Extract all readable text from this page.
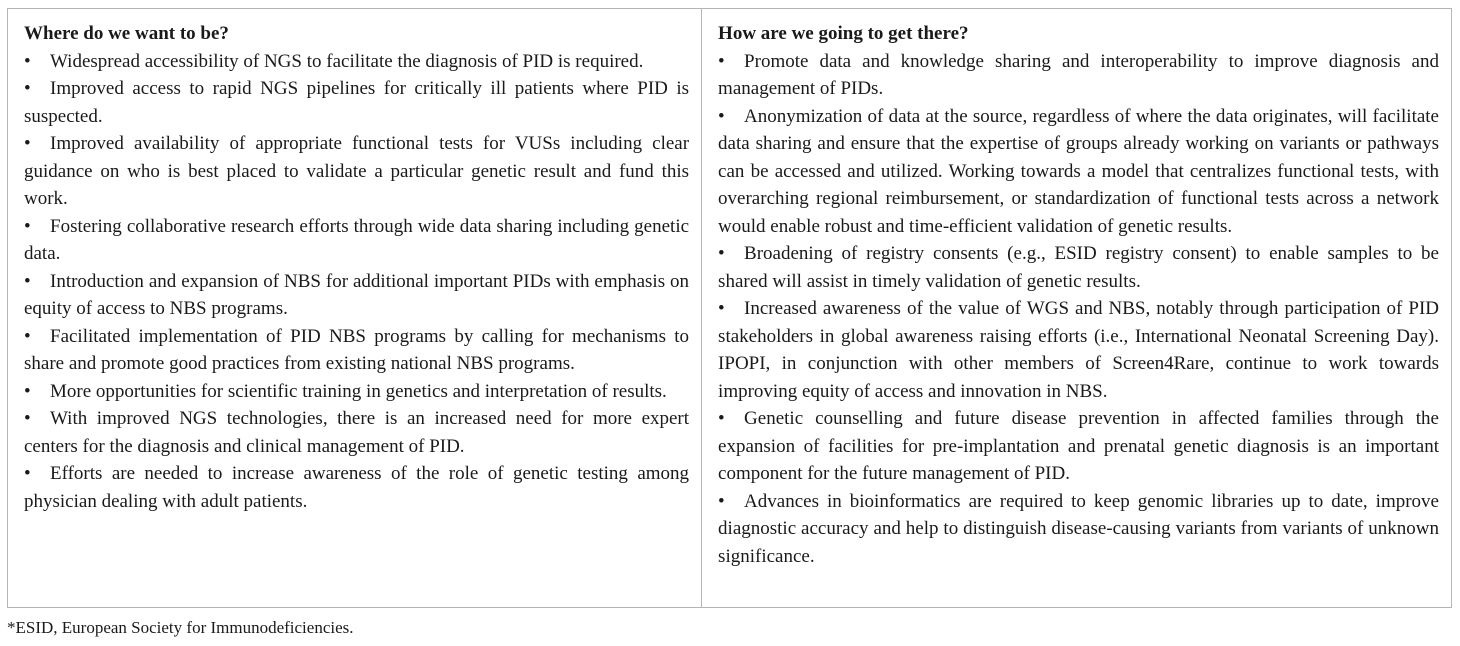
Where do we want to be?
• Widespread accessibility of NGS to facilitate the diagnosis of PID is required.
• Improved access to rapid NGS pipelines for critically ill patients where PID is suspected.
• Improved availability of appropriate functional tests for VUSs including clear guidance on who is best placed to validate a particular genetic result and fund this work.
• Fostering collaborative research efforts through wide data sharing including genetic data.
• Introduction and expansion of NBS for additional important PIDs with emphasis on equity of access to NBS programs.
• Facilitated implementation of PID NBS programs by calling for mechanisms to share and promote good practices from existing national NBS programs.
• More opportunities for scientific training in genetics and interpretation of results.
• With improved NGS technologies, there is an increased need for more expert centers for the diagnosis and clinical management of PID.
• Efforts are needed to increase awareness of the role of genetic testing among physician dealing with adult patients.
How are we going to get there?
• Promote data and knowledge sharing and interoperability to improve diagnosis and management of PIDs.
• Anonymization of data at the source, regardless of where the data originates, will facilitate data sharing and ensure that the expertise of groups already working on variants or pathways can be accessed and utilized. Working towards a model that centralizes functional tests, with overarching regional reimbursement, or standardization of functional tests across a network would enable robust and time-efficient validation of genetic results.
• Broadening of registry consents (e.g., ESID registry consent) to enable samples to be shared will assist in timely validation of genetic results.
• Increased awareness of the value of WGS and NBS, notably through participation of PID stakeholders in global awareness raising efforts (i.e., International Neonatal Screening Day). IPOPI, in conjunction with other members of Screen4Rare, continue to work towards improving equity of access and innovation in NBS.
• Genetic counselling and future disease prevention in affected families through the expansion of facilities for pre-implantation and prenatal genetic diagnosis is an important component for the future management of PID.
• Advances in bioinformatics are required to keep genomic libraries up to date, improve diagnostic accuracy and help to distinguish disease-causing variants from variants of unknown significance.
*ESID, European Society for Immunodeficiencies.
